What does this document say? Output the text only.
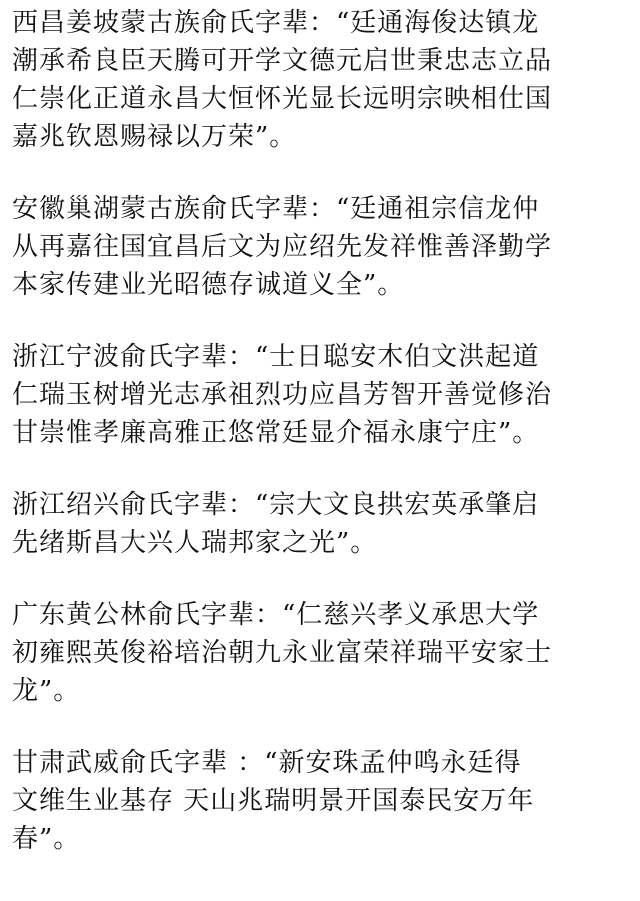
西昌姜坡蒙古族俞氏字辈：“廷通海俊达镇龙
潮承希良臣天腾可开学文德元启世秉忠志立品
仁崇化正道永昌大恒怀光显长远明宗映相仕国
嘉兆钦恩赐禄以万荣”。
安徽巢湖蒙古族俞氏字辈：“廷通祖宗信龙仲
从再嘉往国宜昌后文为应绍先发祥惟善泽勤学
本家传建业光昭德存诚道义全”。
浙江宁波俞氏字辈：“士日聪安木伯文洪起道
仁瑞玉树增光志承祖烈功应昌芳智开善觉修治
甘崇惟孝廉高雅正悠常廷显介福永康宁庄”。
浙江绍兴俞氏字辈：“宗大文良拱宏英承肇启
先绪斯昌大兴人瑞邦家之光”。
广东黄公林俞氏字辈：“仁慈兴孝义承思大学
初雍熙英俊裕培治朝九永业富荣祥瑞平安家士
龙”。
甘肃武威俞氏字辈 ：“新安珠孟仲鸣永廷得
文维生业基存 天山兆瑞明景开国泰民安万年
春”。
